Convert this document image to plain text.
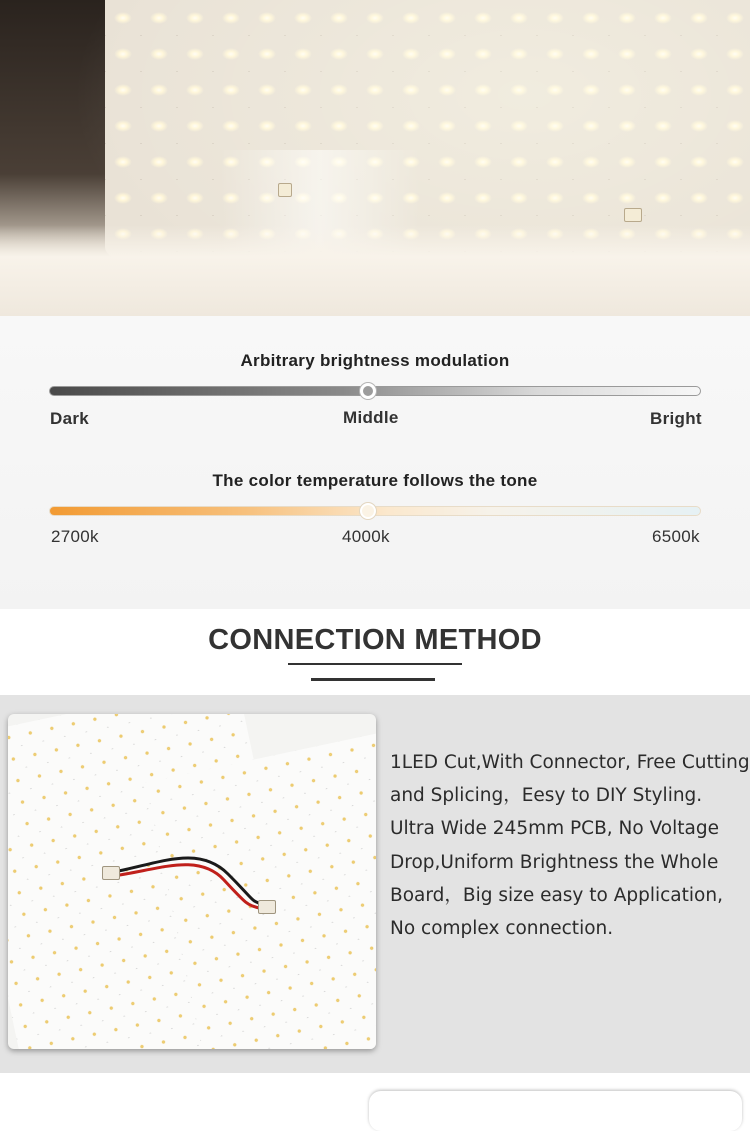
Arbitrary brightness modulation
Dark	Middle	Bright
The color temperature follows the tone
2700k	4000k	6500k
CONNECTION METHOD
1LED Cut,With Connector, Free Cutting
and Splicing，Eesy to DIY Styling.
Ultra Wide 245mm PCB, No Voltage
Drop,Uniform Brightness the Whole
Board，Big size easy to Application,
No complex connection.
